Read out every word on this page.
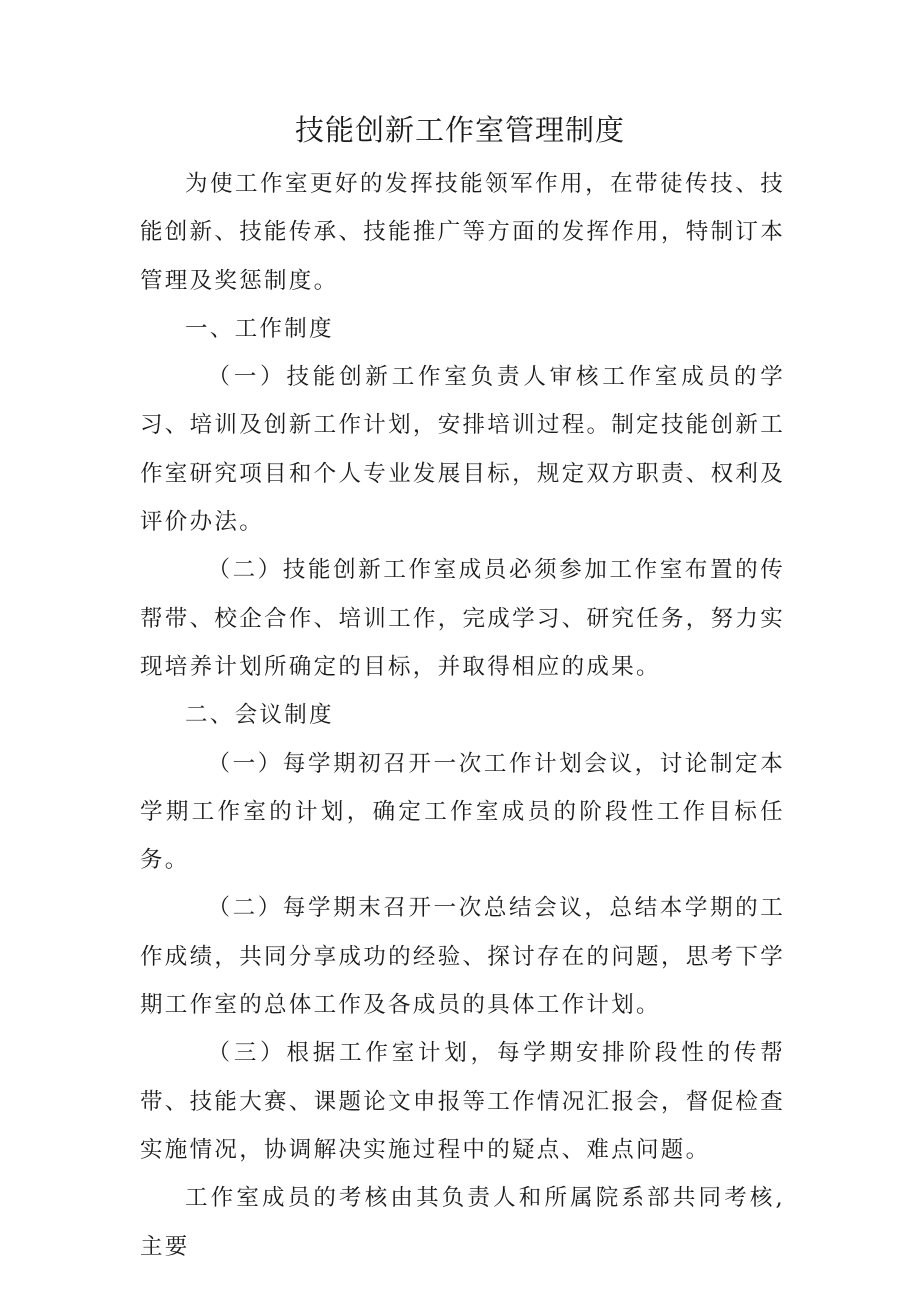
技能创新工作室管理制度

为使工作室更好的发挥技能领军作用，在带徒传技、技能创新、技能传承、技能推广等方面的发挥作用，特制订本管理及奖惩制度。

一、工作制度

（一）技能创新工作室负责人审核工作室成员的学习、培训及创新工作计划，安排培训过程。制定技能创新工作室研究项目和个人专业发展目标，规定双方职责、权利及评价办法。

（二）技能创新工作室成员必须参加工作室布置的传帮带、校企合作、培训工作，完成学习、研究任务，努力实现培养计划所确定的目标，并取得相应的成果。

二、会议制度

（一）每学期初召开一次工作计划会议，讨论制定本学期工作室的计划，确定工作室成员的阶段性工作目标任务。

（二）每学期末召开一次总结会议，总结本学期的工作成绩，共同分享成功的经验、探讨存在的问题，思考下学期工作室的总体工作及各成员的具体工作计划。

（三）根据工作室计划，每学期安排阶段性的传帮带、技能大赛、课题论文申报等工作情况汇报会，督促检查实施情况，协调解决实施过程中的疑点、难点问题。

工作室成员的考核由其负责人和所属院系部共同考核,主要
